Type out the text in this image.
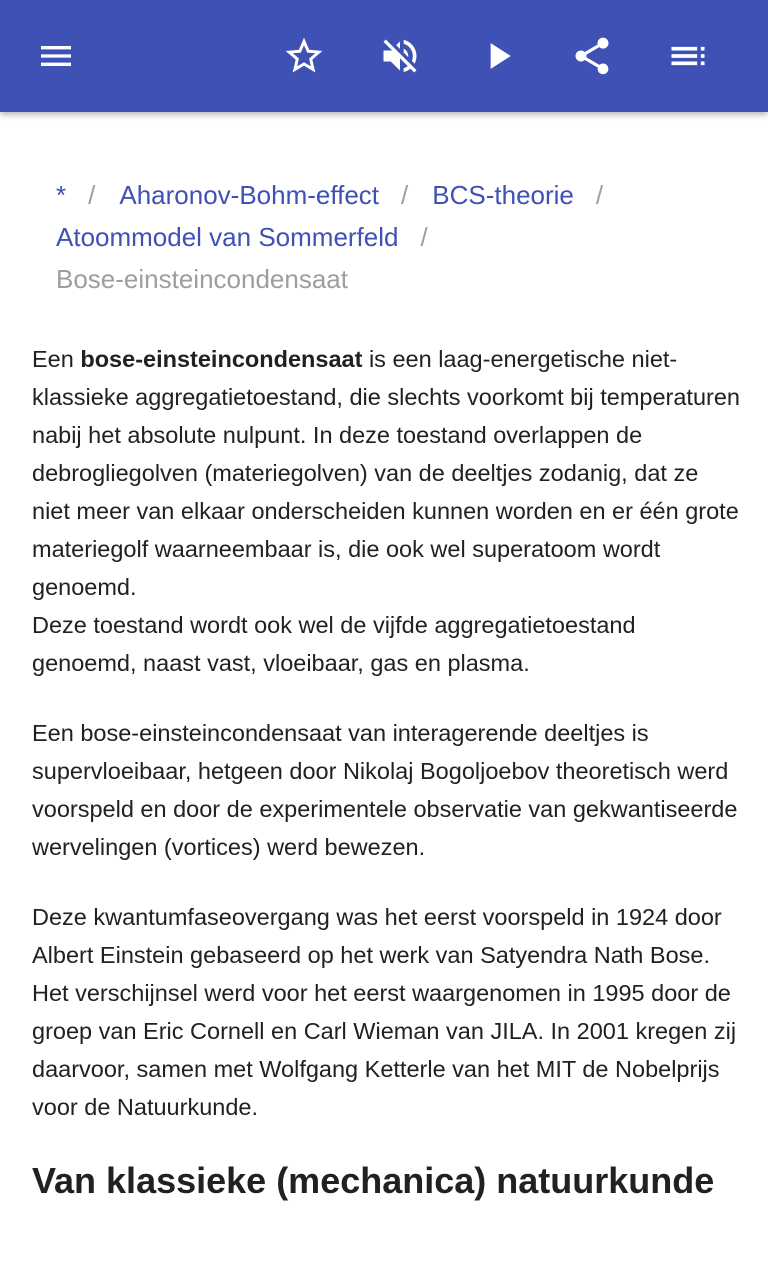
* / Aharonov-Bohm-effect / BCS-theorie /
Atoommodel van Sommerfeld /
Bose-einsteincondensaat

Een bose-einsteincondensaat is een laag-energetische niet-klassieke aggregatietoestand, die slechts voorkomt bij temperaturen nabij het absolute nulpunt. In deze toestand overlappen de debrogliegolven (materiegolven) van de deeltjes zodanig, dat ze niet meer van elkaar onderscheiden kunnen worden en er één grote materiegolf waarneembaar is, die ook wel superatoom wordt genoemd.
Deze toestand wordt ook wel de vijfde aggregatietoestand genoemd, naast vast, vloeibaar, gas en plasma.

Een bose-einsteincondensaat van interagerende deeltjes is supervloeibaar, hetgeen door Nikolaj Bogoljoebov theoretisch werd voorspeld en door de experimentele observatie van gekwantiseerde wervelingen (vortices) werd bewezen.

Deze kwantumfaseovergang was het eerst voorspeld in 1924 door Albert Einstein gebaseerd op het werk van Satyendra Nath Bose. Het verschijnsel werd voor het eerst waargenomen in 1995 door de groep van Eric Cornell en Carl Wieman van JILA. In 2001 kregen zij daarvoor, samen met Wolfgang Ketterle van het MIT de Nobelprijs voor de Natuurkunde.

Van klassieke (mechanica) natuurkunde
